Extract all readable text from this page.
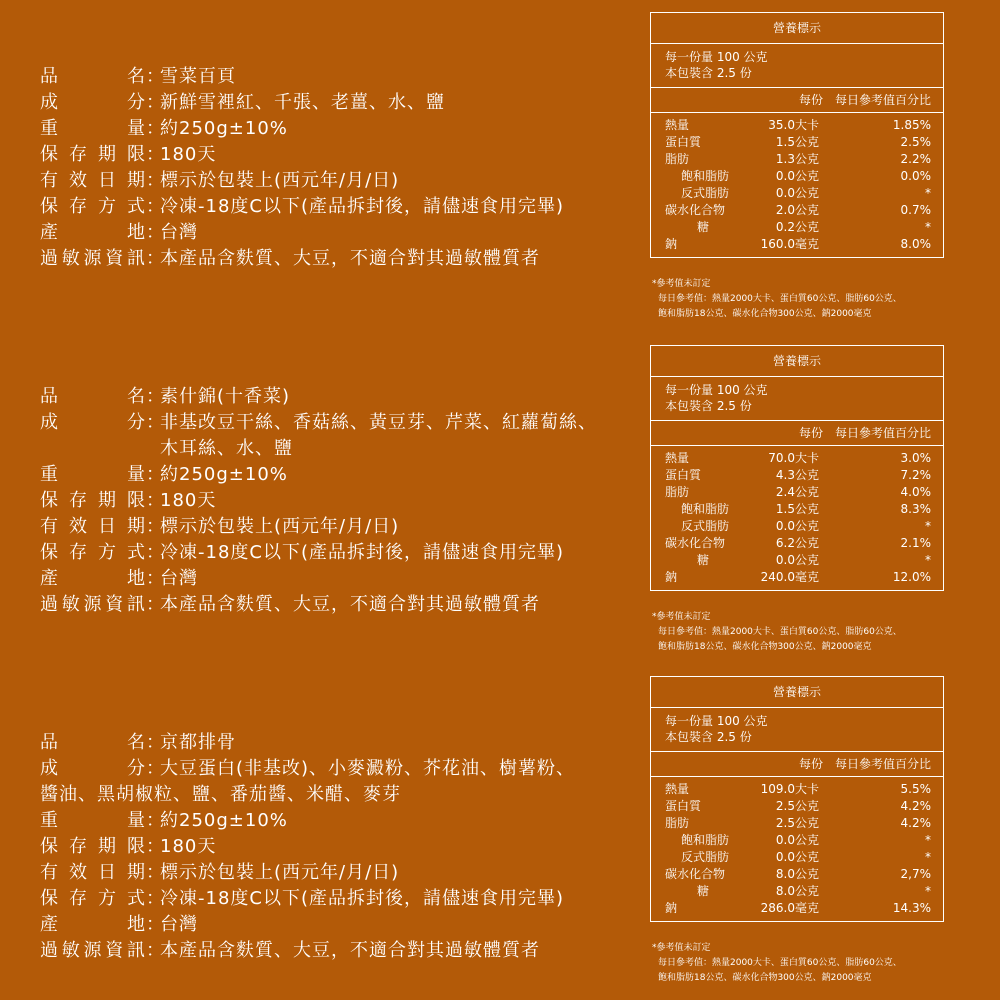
品	名 ：
雪菜百頁
成	分 ：
新鮮雪裡紅、千張、老薑、水、鹽
重	量 ：
約250g±10%
保 存 期 限 ：
180天
有 效 日 期 ：
標示於包裝上(西元年/月/日)
保 存 方 式 ：
冷凍-18度C以下(產品拆封後，請儘速食用完畢)
產	地 ：
台灣
過 敏 源 資 訊 ：
本產品含麩質、大豆，不適合對其過敏體質者
營養標示
每一份量 100 公克
本包裝含 2.5 份
每份 每日參考值百分比
熱量	35.0大卡	1.85%
蛋白質	1.5公克	2.5%
脂肪	1.3公克	2.2%
飽和脂肪	0.0公克	0.0%
反式脂肪	0.0公克	*
碳水化合物	2.0公克	0.7%
糖	0.2公克	*
鈉	160.0毫克	8.0%
*參考值未訂定
每日參考值：熱量2000大卡、蛋白質60公克、脂肪60公克、
飽和脂肪18公克、碳水化合物300公克、鈉2000毫克
品	名 ：
素什錦(十香菜)
成	分 ：
非基改豆干絲、香菇絲、黃豆芽、芹菜、紅蘿蔔絲、
木耳絲、水、鹽
重	量 ：
約250g±10%
保 存 期 限 ：
180天
有 效 日 期 ：
標示於包裝上(西元年/月/日)
保 存 方 式 ：
冷凍-18度C以下(產品拆封後，請儘速食用完畢)
產	地 ：
台灣
過 敏 源 資 訊 ：
本產品含麩質、大豆，不適合對其過敏體質者
營養標示
每一份量 100 公克
本包裝含 2.5 份
每份 每日參考值百分比
熱量	70.0大卡	3.0%
蛋白質	4.3公克	7.2%
脂肪	2.4公克	4.0%
飽和脂肪	1.5公克	8.3%
反式脂肪	0.0公克	*
碳水化合物	6.2公克	2.1%
糖	0.0公克	*
鈉	240.0毫克	12.0%
*參考值未訂定
每日參考值：熱量2000大卡、蛋白質60公克、脂肪60公克、
飽和脂肪18公克、碳水化合物300公克、鈉2000毫克
品	名 ：
京都排骨
成	分 ：
大豆蛋白(非基改)、小麥澱粉、芥花油、樹薯粉、
醬油、黑胡椒粒、鹽、番茄醬、米醋、麥芽
重	量 ：
約250g±10%
保 存 期 限 ：
180天
有 效 日 期 ：
標示於包裝上(西元年/月/日)
保 存 方 式 ：
冷凍-18度C以下(產品拆封後，請儘速食用完畢)
產	地 ：
台灣
過 敏 源 資 訊 ：
本產品含麩質、大豆，不適合對其過敏體質者
營養標示
每一份量 100 公克
本包裝含 2.5 份
每份 每日參考值百分比
熱量	109.0大卡	5.5%
蛋白質	2.5公克	4.2%
脂肪	2.5公克	4.2%
飽和脂肪	0.0公克	*
反式脂肪	0.0公克	*
碳水化合物	8.0公克	2,7%
糖	8.0公克	*
鈉	286.0毫克	14.3%
*參考值未訂定
每日參考值：熱量2000大卡、蛋白質60公克、脂肪60公克、
飽和脂肪18公克、碳水化合物300公克、鈉2000毫克
